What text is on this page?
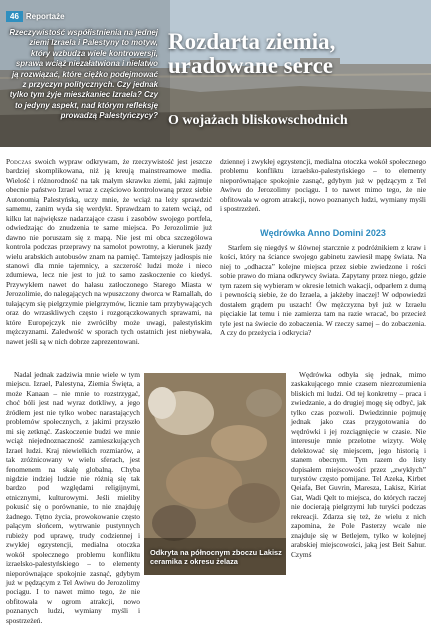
46 Reportaże
Rzeczywistość współistnienia na jednej ziemi Izraela i Palestyny to motyw, który wzbudza wiele kontrowersji, sprawa wciąż niezałatwiona i nielatwo ją rozwiązać, które ciężko podejmować z przyczyn politycznych. Czy jednak tylko tym żyje mieszkaniec Izraela? Czy to jedyny aspekt, nad którym refleksję prowadzą Palestyńczycy?
Rozdarta ziemia, uradowane serce
O wojażach bliskowschodnich

Podczas swoich wypraw odkrywam, że rzeczywistość jest jeszcze bardziej skomplikowana, niż ją kreują mainstreamowe media. Wielość i różnorodność na tak małym skrawku ziemi, jaki zajmuje obecnie państwo Izrael wraz z częściowo kontrolowaną przez siebie Autonomią Palestyńską, uczy mnie, że wciąż na leży sprawdzić samemu, zanim wyda się werdykt. Sprawdzam to zatem wciąż, od kilku lat największe nadarzające czasu i zasobów swojego portfela, odwiedzając do znudzenia te same miejsca. Po Jerozolimie już dawno nie poruszam się z mapą. Nie jest mi obca szczególowa kontrola podczas przeprawy na samolot powrotny, a kierunek jazdy wielu arabskich autobusów znam na pamięć. Tamtejszy jadłospis nie stanowi dla mnie tajemnicy, a szczerość ludzi może i nieco zdumiewa, lecz nie jest to już to samo zaskoczenie co kiedyś. Przywykłem nawet do hałasu zatłoczonego Starego Miasta w Jerozolimie, do nalegających na wpuszczony dworca w Ramallah, do tułającym się pielgrzymie pielgrzymów, licznie tam przybywających oraz do wrzaskliwych często i rozgorączkowanych sprawami, na które Europejczyk nie zwróciłby może uwagi, palestyńskim mężczyznami. Zaledwość w sporach tych ostatnich jest niebywała, nawet jeśli są w nich dobrze zaprezentowani.

Nadal jednak zadziwia mnie wiele w tym miejscu. Izrael, Palestyna, Ziemia Święta, a może Kanaan – nie mnie to rozstrzygać, choć bóli jest nad wyraz dotkliwy, a jego źródłem jest nie tylko wobec narastających problemów społecznych, z jakimi przyszło mi się zetknąć. Zaskoczenie budzi we mnie wciąż niejednoznaczność zamieszkujących Izrael ludzi. Kraj niewielkich rozmiarów, a tak zróżnicowany w wielu sferach, jest fenomenem na skalę globalną. Chyba nigdzie indziej ludzie nie różnią się tak bardzo pod względami religijnymi, etnicznymi, kulturowymi. Jeśli mieliby pokusić się o porównanie, to nie znajduję żadnego. Tętno życia, prowokowanie często palącym słońcem, wytrwanie pustynnych rubieży pod uprawę, trudy codziennej i zwykłej egzystencji, medialna otoczka wokół społecznego problemu konfliktu izraelsko-palestyńskiego – to elementy nieporównające spokojnie zasnąć, gdybym już w pędzącym z Tel Awiwu do Jerozolimy pociągu. I to nawet mimo tego, że nie obfitowała w ogrom atrakcji, nowo poznanych ludzi, wymiany myśli i spostrzeżeń.

dziennej i zwykłej egzystencji, medialna otoczka wokół społecznego problemu konfliktu izraelsko-palestyńskiego – to elementy nieporównające spokojnie zasnąć, gdybym już w pędzącym z Tel Awiwu do Jerozolimy pociągu. I to nawet mimo tego, że nie obfitowała w ogrom atrakcji, nowo poznanych ludzi, wymiany myśli i spostrzeżeń.

Wędrówka Anno Domini 2023

Starfem się niegdyś w ślównej starcznie z podróżnikiem z kraw i kości, który na ściance swojego gabinetu zawiesił mapę świata. Na niej to „odhacza” kolejne miejsca przez siebie zwiedzone i rości sobie prawo do miana odkrywcy świata. Zapytany przez niego, gdzie tym razem się wybieram w okresie letnich wakacji, odparłem z dumą i pewnością siebie, że do Izraela, a jakżeby inaczej! W odpowiedzi dostałem grądem pu uszach! Ów mężczyzna był już w Izraelu pięciakie lat temu i nie zamierza tam na razie wracać, bo przecież tyle jest na świecie do zobaczenia. W rzeczy samej – do zobaczenia. A czy do przeżycia i odkrycia?

Wędrówka odbyła się jednak, mimo zaskakującego mnie czasem niezrozumienia bliskich mi ludzi. Od tej konkretny – praca i zwiedzanie, a do drugiej mogę się odbyć, jak tylko czas pozwoli. Dwiedzinnie pojmuję jednak jako czas przygotowania do wędrówki i jej rozciągnięcie w czasie. Nie interesuje mnie przelotne wizyty. Wolę delektować się miejscem, jego historią i stanem obecnym. Tym razem do listy dopisałem miejscowości przez „zwykłych” turystów często pomijane. Tel Azeka, Kirbet Qeiafa, Bet Guvrin, Maresza, Lakisz, Kiriat Gat, Wadi Qelt to miejsca, do których raczej nie docierają pielgrzymi lub turyści podczas rekreacji. Zdarza się też, że wielu z nich zapomina, że Pole Pasterzy wcale nie znajduje się w Betlejem, tylko w kolejnej arabskiej miejscowości, jaką jest Beit Sahur. Czymś

Odkryta na północnym zboczu Lakisz ceramika z okresu żelaza
